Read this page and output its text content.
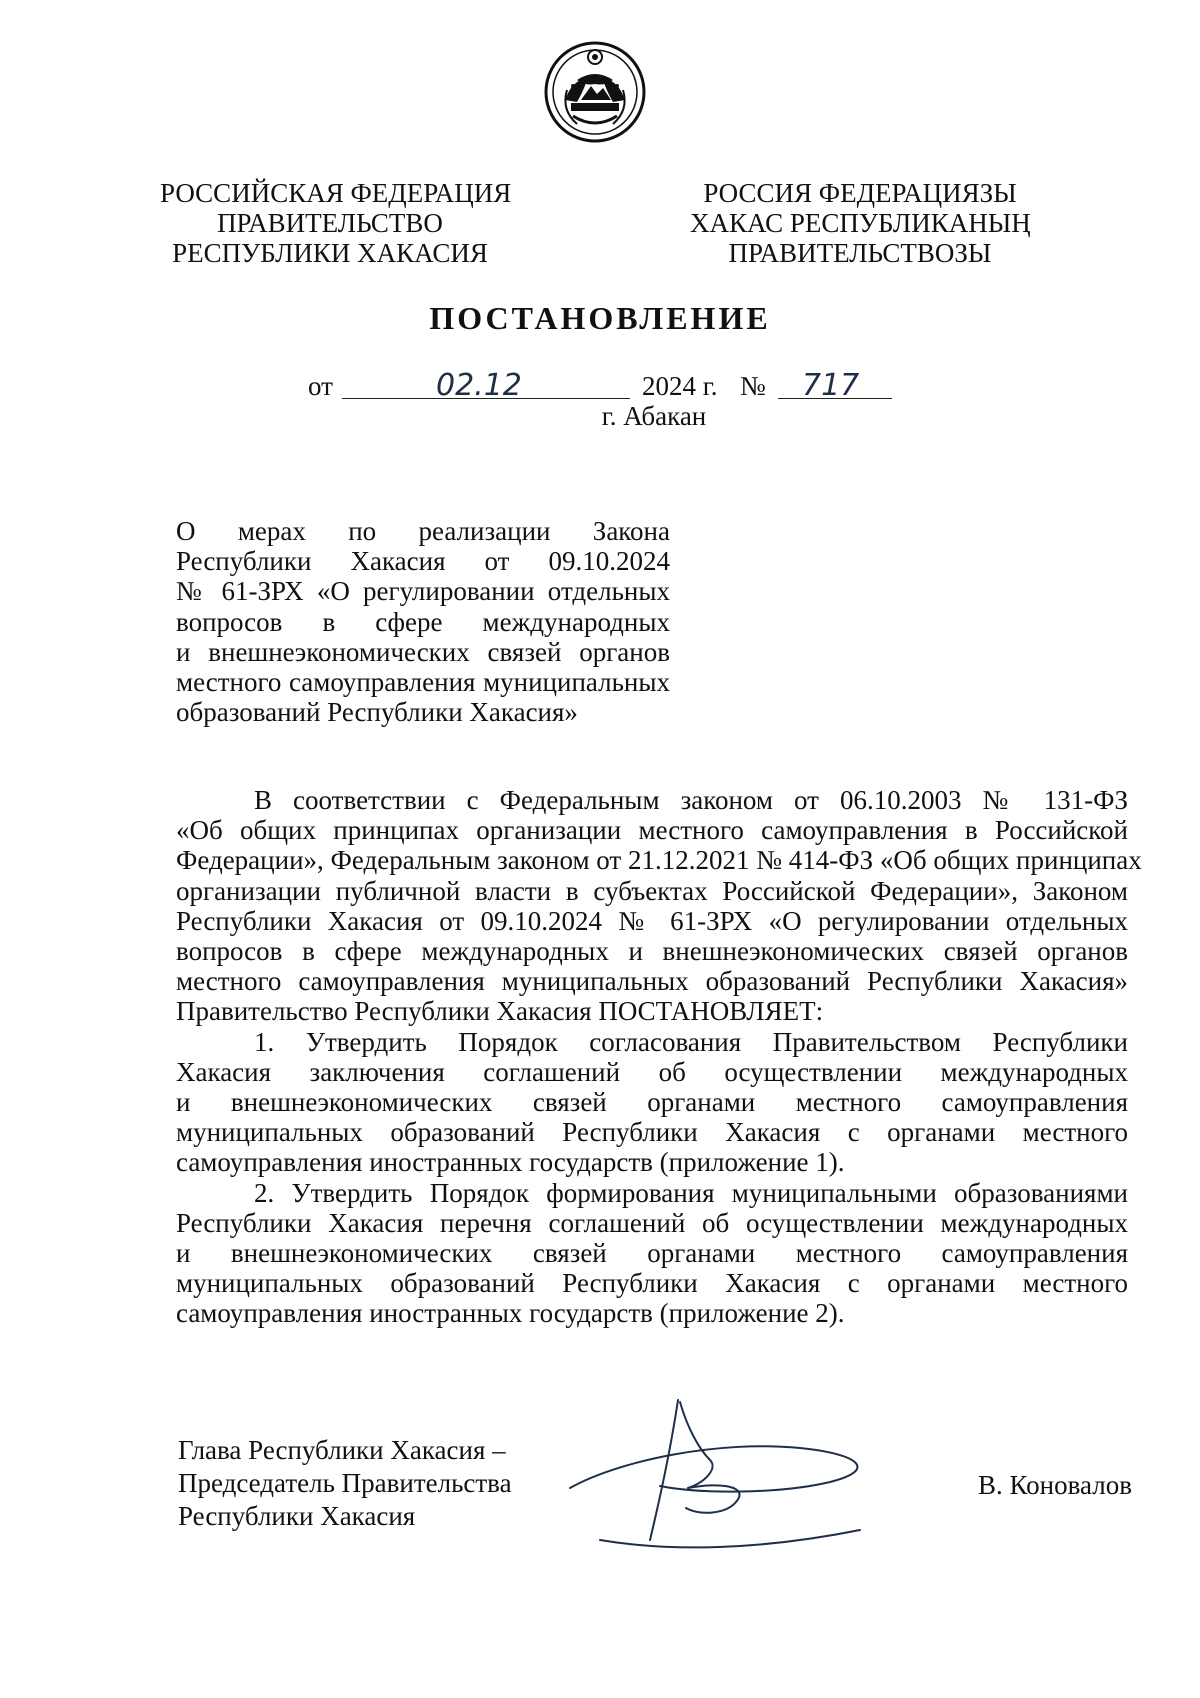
РОССИЙСКАЯ ФЕДЕРАЦИЯ
ПРАВИТЕЛЬСТВО
РЕСПУБЛИКИ ХАКАСИЯ
РОССИЯ ФЕДЕРАЦИЯЗЫ
ХАКАС РЕСПУБЛИКАНЫҢ
ПРАВИТЕЛЬСТВОЗЫ
ПОСТАНОВЛЕНИЕ
от	02.12	2024 г. № 717
г. Абакан
О мерах по реализации Закона
Республики Хакасия от 09.10.2024
№ 61-ЗРХ «О регулировании отдельных
вопросов в сфере международных
и внешнеэкономических связей органов
местного самоуправления муниципальных
образований Республики Хакасия»
В соответствии с Федеральным законом от 06.10.2003 № 131-ФЗ
«Об общих принципах организации местного самоуправления в Российской
Федерации», Федеральным законом от 21.12.2021 № 414-ФЗ «Об общих принципах
организации публичной власти в субъектах Российской Федерации», Законом
Республики Хакасия от 09.10.2024 № 61-ЗРХ «О регулировании отдельных
вопросов в сфере международных и внешнеэкономических связей органов
местного самоуправления муниципальных образований Республики Хакасия»
Правительство Республики Хакасия ПОСТАНОВЛЯЕТ:
1. Утвердить Порядок согласования Правительством Республики
Хакасия заключения соглашений об осуществлении международных
и внешнеэкономических связей органами местного самоуправления
муниципальных образований Республики Хакасия с органами местного
самоуправления иностранных государств (приложение 1).
2. Утвердить Порядок формирования муниципальными образованиями
Республики Хакасия перечня соглашений об осуществлении международных
и внешнеэкономических связей органами местного самоуправления
муниципальных образований Республики Хакасия с органами местного
самоуправления иностранных государств (приложение 2).
Глава Республики Хакасия –
Председатель Правительства
Республики Хакасия
В. Коновалов
